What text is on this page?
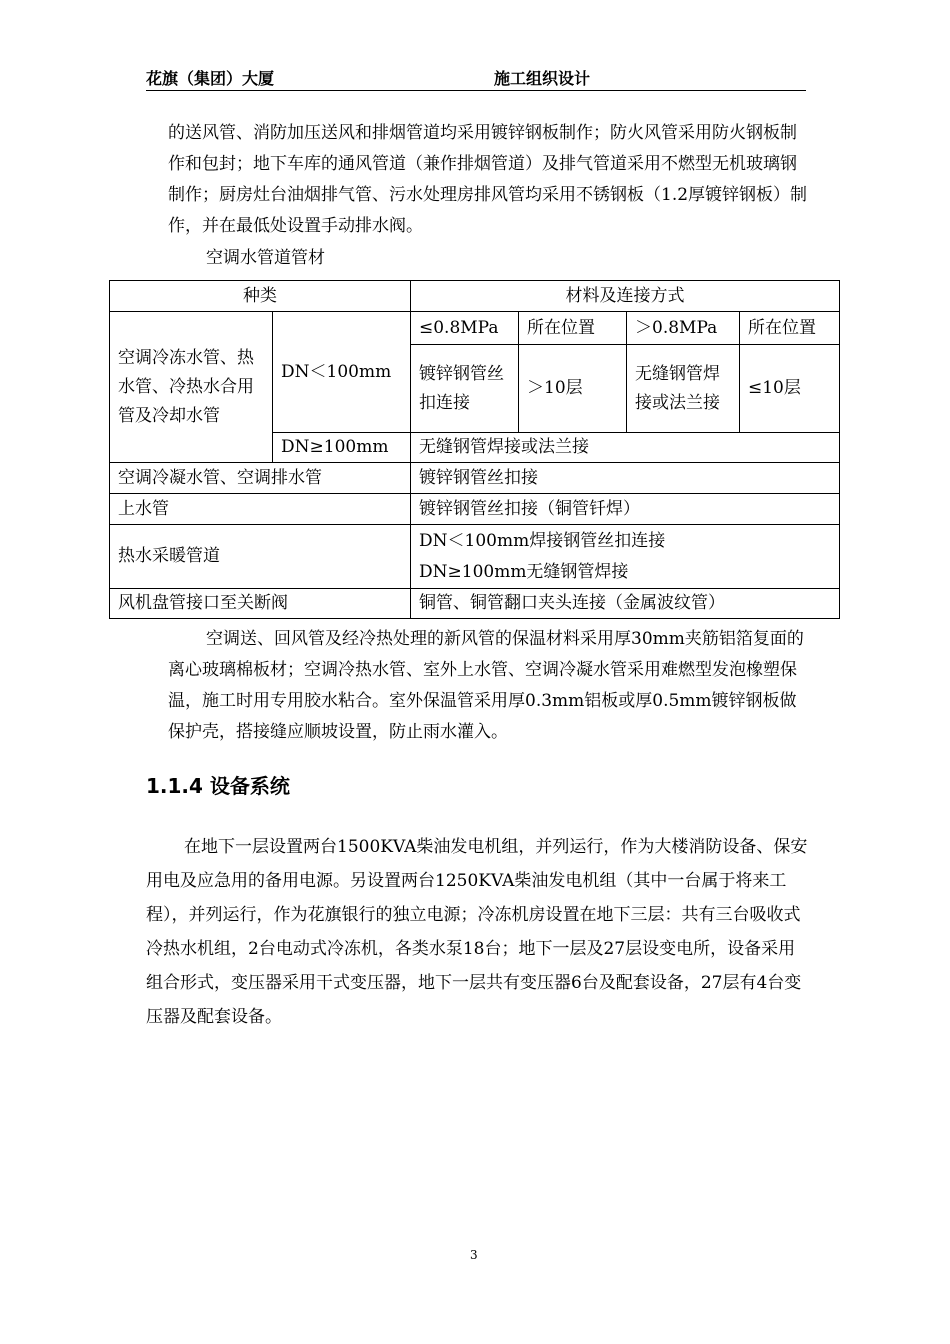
花旗（集团）大厦	施工组织设计

的送风管、消防加压送风和排烟管道均采用镀锌钢板制作；防火风管采用防火钢板制作和包封；地下车库的通风管道（兼作排烟管道）及排气管道采用不燃型无机玻璃钢制作；厨房灶台油烟排气管、污水处理房排风管均采用不锈钢板（1.2厚镀锌钢板）制作，并在最低处设置手动排水阀。

空调水管道管材
种类		材料及连接方式			
空调冷冻水管、热水管、冷热水合用管及冷却水管	DN＜100mm	≤0.8MPa	所在位置	＞0.8MPa	所在位置
		镀锌钢管丝扣连接	＞10层	无缝钢管焊接或法兰接	≤10层
	DN≥100mm	无缝钢管焊接或法兰接			
空调冷凝水管、空调排水管		镀锌钢管丝扣接			
上水管		镀锌钢管丝扣接（铜管钎焊）			
热水采暖管道		DN＜100mm焊接钢管丝扣连接
DN≥100mm无缝钢管焊接			

风机盘管接口至关断阀		铜管、铜管翻口夹头连接（金属波纹管）			

空调送、回风管及经冷热处理的新风管的保温材料采用厚30mm夹筋铝箔复面的离心玻璃棉板材；空调冷热水管、室外上水管、空调冷凝水管采用难燃型发泡橡塑保温，施工时用专用胶水粘合。室外保温管采用厚0.3mm铝板或厚0.5mm镀锌钢板做保护壳，搭接缝应顺坡设置，防止雨水灌入。

1.1.4 设备系统

在地下一层设置两台1500KVA柴油发电机组，并列运行，作为大楼消防设备、保安用电及应急用的备用电源。另设置两台1250KVA柴油发电机组（其中一台属于将来工程），并列运行，作为花旗银行的独立电源；冷冻机房设置在地下三层：共有三台吸收式冷热水机组，2台电动式冷冻机，各类水泵18台；地下一层及27层设变电所，设备采用组合形式，变压器采用干式变压器，地下一层共有变压器6台及配套设备，27层有4台变压器及配套设备。

3
